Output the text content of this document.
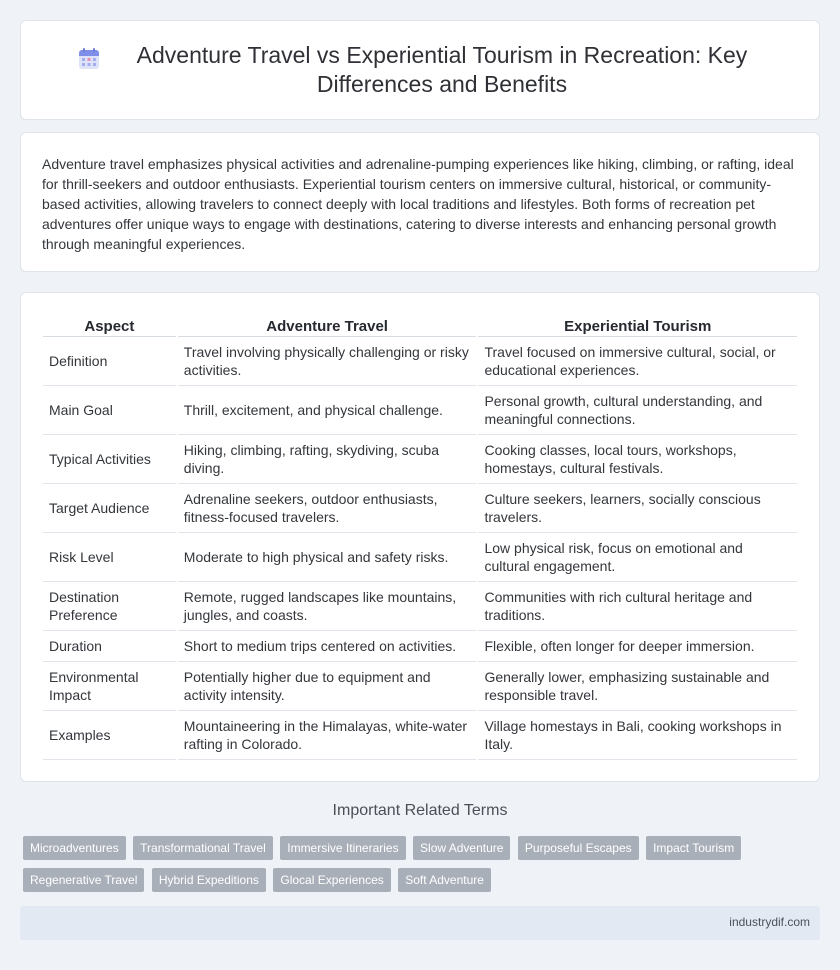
Adventure Travel vs Experiential Tourism in Recreation: Key Differences and Benefits

Adventure travel emphasizes physical activities and adrenaline-pumping experiences like hiking, climbing, or rafting, ideal for thrill-seekers and outdoor enthusiasts. Experiential tourism centers on immersive cultural, historical, or community-based activities, allowing travelers to connect deeply with local traditions and lifestyles. Both forms of recreation pet adventures offer unique ways to engage with destinations, catering to diverse interests and enhancing personal growth through meaningful experiences.

Aspect	Adventure Travel	Experiential Tourism
Definition	Travel involving physically challenging or risky activities.	Travel focused on immersive cultural, social, or educational experiences.
Main Goal	Thrill, excitement, and physical challenge.	Personal growth, cultural understanding, and meaningful connections.
Typical Activities	Hiking, climbing, rafting, skydiving, scuba diving.	Cooking classes, local tours, workshops, homestays, cultural festivals.
Target Audience	Adrenaline seekers, outdoor enthusiasts, fitness-focused travelers.	Culture seekers, learners, socially conscious travelers.
Risk Level	Moderate to high physical and safety risks.	Low physical risk, focus on emotional and cultural engagement.
Destination Preference	Remote, rugged landscapes like mountains, jungles, and coasts.	Communities with rich cultural heritage and traditions.
Duration	Short to medium trips centered on activities.	Flexible, often longer for deeper immersion.
Environmental Impact	Potentially higher due to equipment and activity intensity.	Generally lower, emphasizing sustainable and responsible travel.
Examples	Mountaineering in the Himalayas, white-water rafting in Colorado.	Village homestays in Bali, cooking workshops in Italy.
Important Related Terms
Microadventures Transformational Travel Immersive Itineraries Slow Adventure Purposeful Escapes Impact Tourism
Regenerative Travel Hybrid Expeditions Glocal Experiences Soft Adventure
industrydif.com
